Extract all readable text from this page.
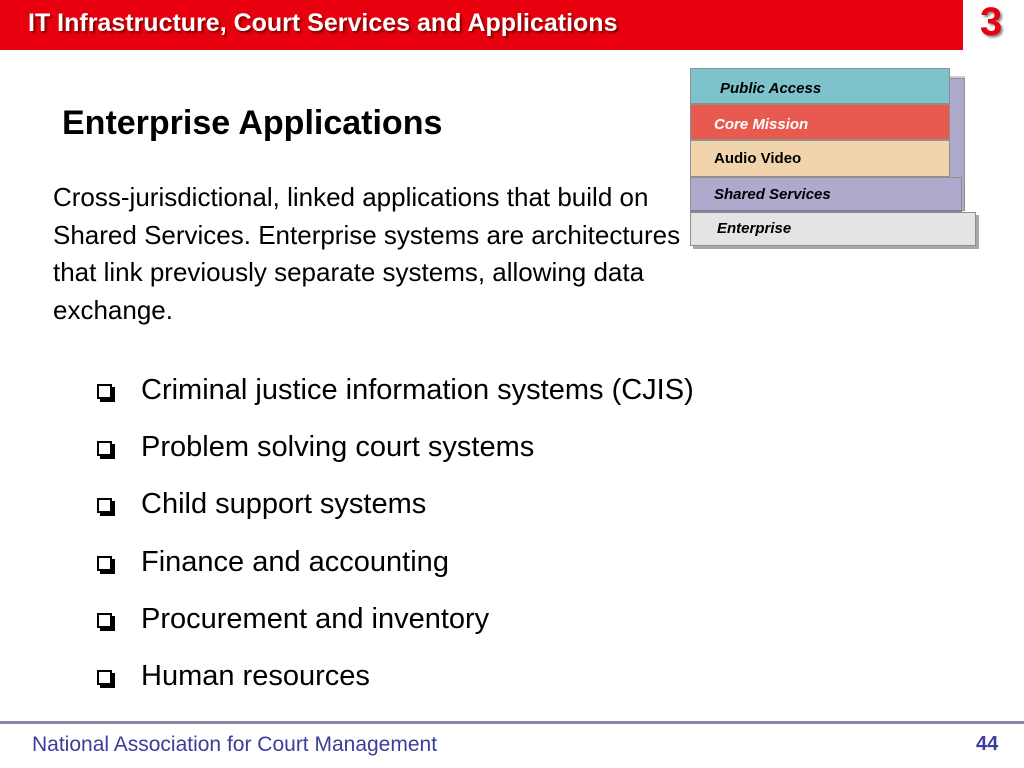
IT Infrastructure, Court Services and Applications	3
Enterprise Applications
Cross-jurisdictional, linked applications that build on Shared Services. Enterprise systems are architectures that link previously separate systems, allowing data exchange.
Enterprise
Shared Services
Audio Video
Core Mission
Public Access
Criminal justice information systems (CJIS)
Problem solving court systems
Child support systems
Finance and accounting
Procurement and inventory
Human resources
National Association for Court Management	44
